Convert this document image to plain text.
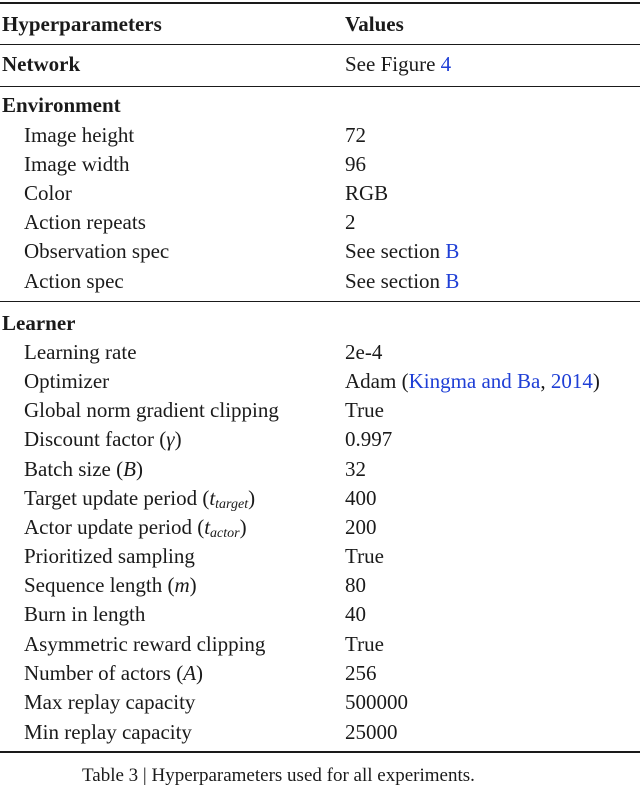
Hyperparameters	Values
Network	See Figure 4
Environment
Image height	72
Image width	96
Color	RGB
Action repeats	2
Observation spec	See section B
Action spec	See section B
Learner
Learning rate	2e-4
Optimizer	Adam (Kingma and Ba, 2014)
Global norm gradient clipping	True
Discount factor (γ)	0.997
Batch size (B)	32
Target update period $(t_{target})$	400
Actor update period $(t_{actor})$	200
Prioritized sampling	True
Sequence length (m)	80
Burn in length	40
Asymmetric reward clipping	True
Number of actors (A)	256
Max replay capacity	500000
Min replay capacity	25000
Table 3 | Hyperparameters used for all experiments.
